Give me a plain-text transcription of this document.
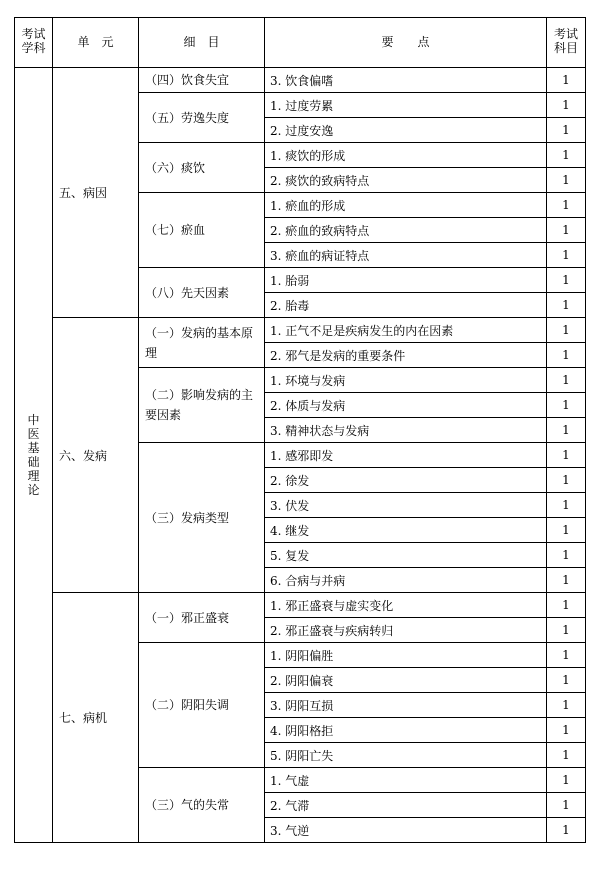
考试学科	单　元	细　目	要　　点	考试科目
中医基础理论	五、病因	（四）饮食失宜	3. 饮食偏嗜	1
		（五）劳逸失度	1. 过度劳累	1
			2. 过度安逸	1
		（六）痰饮	1. 痰饮的形成	1
			2. 痰饮的致病特点	1
		（七）瘀血	1. 瘀血的形成	1
			2. 瘀血的致病特点	1
			3. 瘀血的病证特点	1
		（八）先天因素	1. 胎弱	1
			2. 胎毒	1
	六、发病	（一）发病的基本原理	1. 正气不足是疾病发生的内在因素	1
			2. 邪气是发病的重要条件	1
		（二）影响发病的主要因素	1. 环境与发病	1
			2. 体质与发病	1
			3. 精神状态与发病	1
		（三）发病类型	1. 感邪即发	1
			2. 徐发	1
			3. 伏发	1
			4. 继发	1
			5. 复发	1
			6. 合病与并病	1
	七、病机	（一）邪正盛衰	1. 邪正盛衰与虚实变化	1
			2. 邪正盛衰与疾病转归	1
		（二）阴阳失调	1. 阴阳偏胜	1
			2. 阴阳偏衰	1
			3. 阴阳互损	1
			4. 阴阳格拒	1
			5. 阴阳亡失	1
		（三）气的失常	1. 气虚	1
			2. 气滞	1
			3. 气逆	1
